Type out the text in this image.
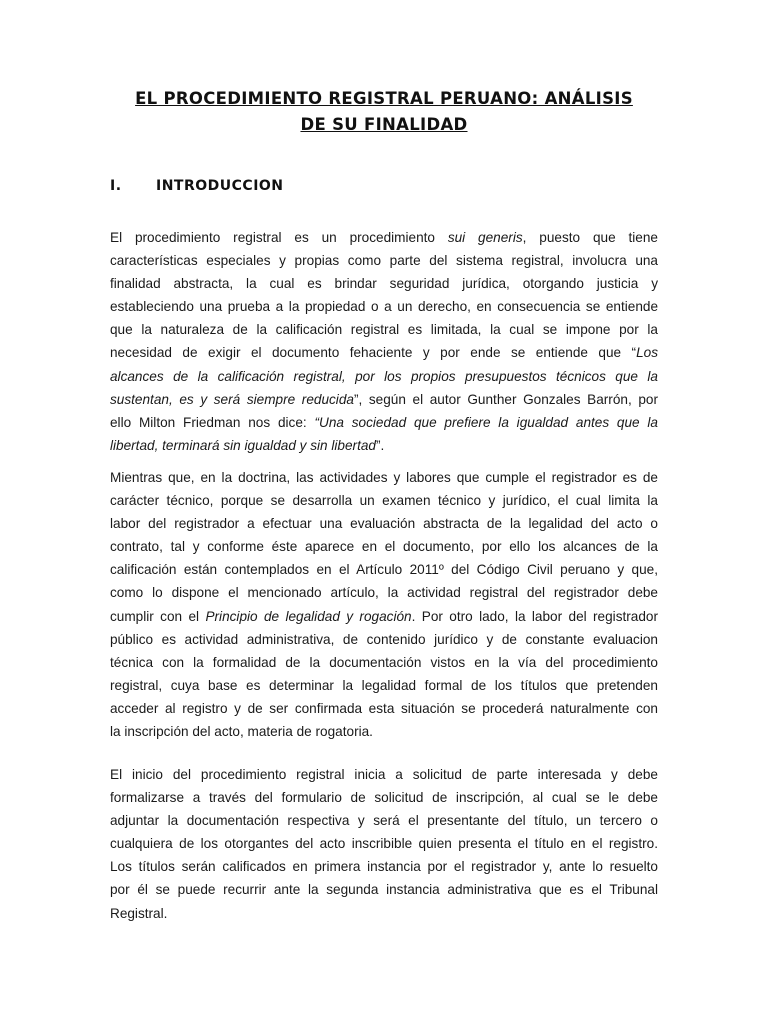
EL PROCEDIMIENTO REGISTRAL PERUANO: ANÁLISIS
DE SU FINALIDAD
I. INTRODUCCION
El procedimiento registral es un procedimiento sui generis, puesto que tiene
características especiales y propias como parte del sistema registral, involucra una
finalidad abstracta, la cual es brindar seguridad jurídica, otorgando justicia y
estableciendo una prueba a la propiedad o a un derecho, en consecuencia se entiende
que la naturaleza de la calificación registral es limitada, la cual se impone por la
necesidad de exigir el documento fehaciente y por ende se entiende que “Los
alcances de la calificación registral, por los propios presupuestos técnicos que la
sustentan, es y será siempre reducida”, según el autor Gunther Gonzales Barrón, por
ello Milton Friedman nos dice: “Una sociedad que prefiere la igualdad antes que la
libertad, terminará sin igualdad y sin libertad”.
Mientras que, en la doctrina, las actividades y labores que cumple el registrador es de
carácter técnico, porque se desarrolla un examen técnico y jurídico, el cual limita la
labor del registrador a efectuar una evaluación abstracta de la legalidad del acto o
contrato, tal y conforme éste aparece en el documento, por ello los alcances de la
calificación están contemplados en el Artículo 2011º del Código Civil peruano y que,
como lo dispone el mencionado artículo, la actividad registral del registrador debe
cumplir con el Principio de legalidad y rogación. Por otro lado, la labor del registrador
público es actividad administrativa, de contenido jurídico y de constante evaluacion
técnica con la formalidad de la documentación vistos en la vía del procedimiento
registral, cuya base es determinar la legalidad formal de los títulos que pretenden
acceder al registro y de ser confirmada esta situación se procederá naturalmente con
la inscripción del acto, materia de rogatoria.
El inicio del procedimiento registral inicia a solicitud de parte interesada y debe
formalizarse a través del formulario de solicitud de inscripción, al cual se le debe
adjuntar la documentación respectiva y será el presentante del título, un tercero o
cualquiera de los otorgantes del acto inscribible quien presenta el título en el registro.
Los títulos serán calificados en primera instancia por el registrador y, ante lo resuelto
por él se puede recurrir ante la segunda instancia administrativa que es el Tribunal
Registral.
